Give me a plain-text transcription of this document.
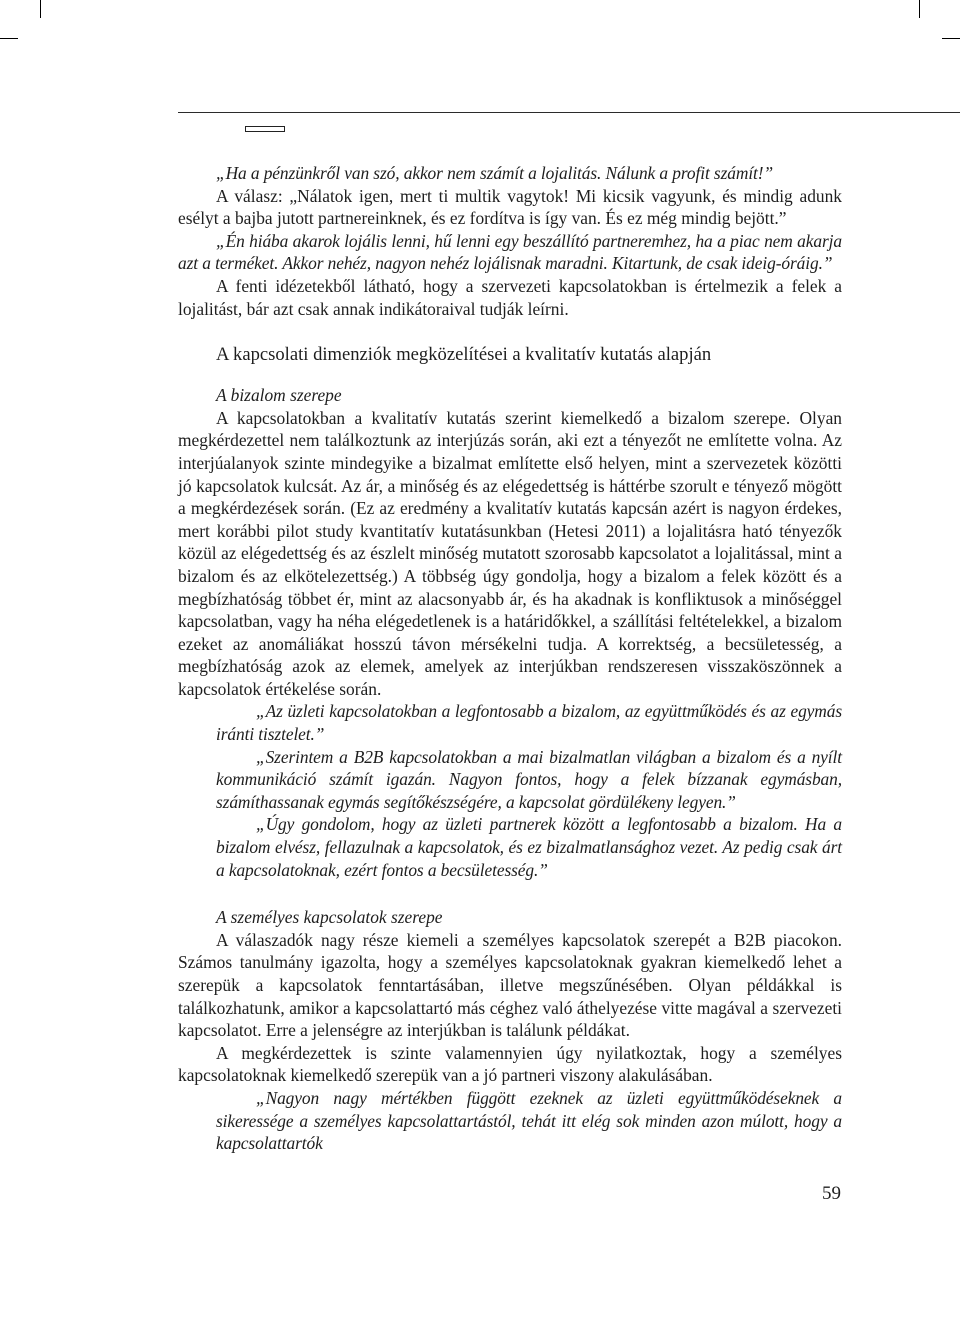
„Ha a pénzünkről van szó, akkor nem számít a lojalitás. Nálunk a profit számít!”

A válasz: „Nálatok igen, mert ti multik vagytok! Mi kicsik vagyunk, és mindig adunk esélyt a bajba jutott partnereinknek, és ez fordítva is így van. És ez még mindig bejött.”

„Én hiába akarok lojális lenni, hű lenni egy beszállító partneremhez, ha a piac nem akarja azt a terméket. Akkor nehéz, nagyon nehéz lojálisnak maradni. Kitartunk, de csak ideig-óráig.”

A fenti idézetekből látható, hogy a szervezeti kapcsolatokban is értelmezik a felek a lojalitást, bár azt csak annak indikátoraival tudják leírni.

A kapcsolati dimenziók megközelítései a kvalitatív kutatás alapján
A bizalom szerepe

A kapcsolatokban a kvalitatív kutatás szerint kiemelkedő a bizalom szerepe. Olyan megkérdezettel nem találkoztunk az interjúzás során, aki ezt a tényezőt ne említette volna. Az interjúalanyok szinte mindegyike a bizalmat említette első helyen, mint a szervezetek közötti jó kapcsolatok kulcsát. Az ár, a minőség és az elégedettség is háttérbe szorult e tényező mögött a megkérdezések során. (Ez az eredmény a kvalitatív kutatás kapcsán azért is nagyon érdekes, mert korábbi pilot study kvantitatív kutatásunkban (Hetesi 2011) a lojalitásra ható tényezők közül az elégedettség és az észlelt minőség mutatott szorosabb kapcsolatot a lojalitással, mint a bizalom és az elkötelezettség.) A többség úgy gondolja, hogy a bizalom a felek között és a megbízhatóság többet ér, mint az alacsonyabb ár, és ha akadnak is konfliktusok a minőséggel kapcsolatban, vagy ha néha elégedetlenek is a határidőkkel, a szállítási feltételekkel, a bizalom ezeket az anomáliákat hosszú távon mérsékelni tudja. A korrektség, a becsületesség, a megbízhatóság azok az elemek, amelyek az interjúkban rendszeresen visszaköszönnek a kapcsolatok értékelése során.

„Az üzleti kapcsolatokban a legfontosabb a bizalom, az együttműködés és az egymás iránti tisztelet.”

„Szerintem a B2B kapcsolatokban a mai bizalmatlan világban a bizalom és a nyílt kommunikáció számít igazán. Nagyon fontos, hogy a felek bízzanak egymásban, számíthassanak egymás segítőkészségére, a kapcsolat gördülékeny legyen.”

„Úgy gondolom, hogy az üzleti partnerek között a legfontosabb a bizalom. Ha a bizalom elvész, fellazulnak a kapcsolatok, és ez bizalmatlansághoz vezet. Az pedig csak árt a kapcsolatoknak, ezért fontos a becsületesség.”

A személyes kapcsolatok szerepe

A válaszadók nagy része kiemeli a személyes kapcsolatok szerepét a B2B piacokon. Számos tanulmány igazolta, hogy a személyes kapcsolatoknak gyakran kiemelkedő lehet a szerepük a kapcsolatok fenntartásában, illetve megszűnésében. Olyan példákkal is találkozhatunk, amikor a kapcsolattartó más céghez való áthelyezése vitte magával a szervezeti kapcsolatot. Erre a jelenségre az interjúkban is találunk példákat.

A megkérdezettek is szinte valamennyien úgy nyilatkoztak, hogy a személyes kapcsolatoknak kiemelkedő szerepük van a jó partneri viszony alakulásában.

„Nagyon nagy mértékben függött ezeknek az üzleti együttműködéseknek a sikeressége a személyes kapcsolattartástól, tehát itt elég sok minden azon múlott, hogy a kapcsolattartók

59
